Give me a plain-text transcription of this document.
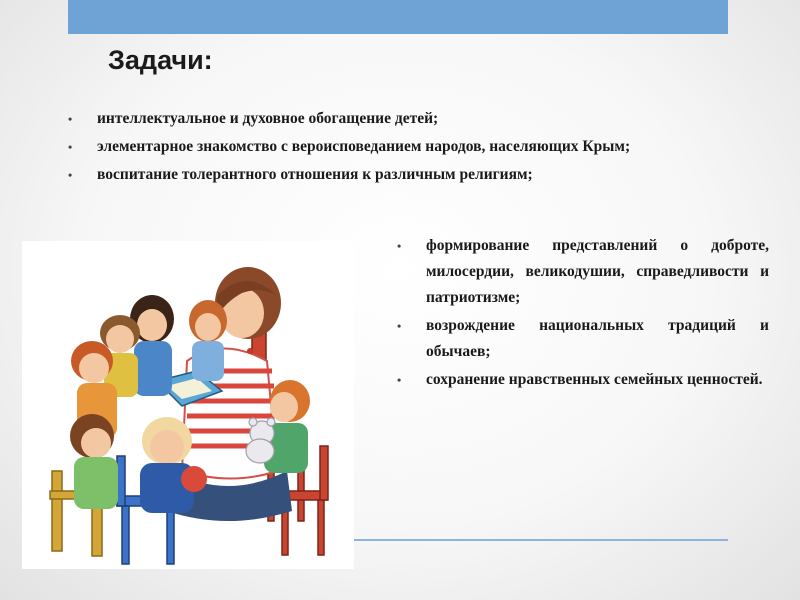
Задачи:
• интеллектуальное и духовное обогащение детей;
• элементарное знакомство с вероисповеданием народов, населяющих Крым;
• воспитание толерантного отношения к различным религиям;
• формирование представлений о доброте, милосердии, великодушии, справедливости и патриотизме;
• возрождение национальных традиций и обычаев;
• сохранение нравственных семейных ценностей.
